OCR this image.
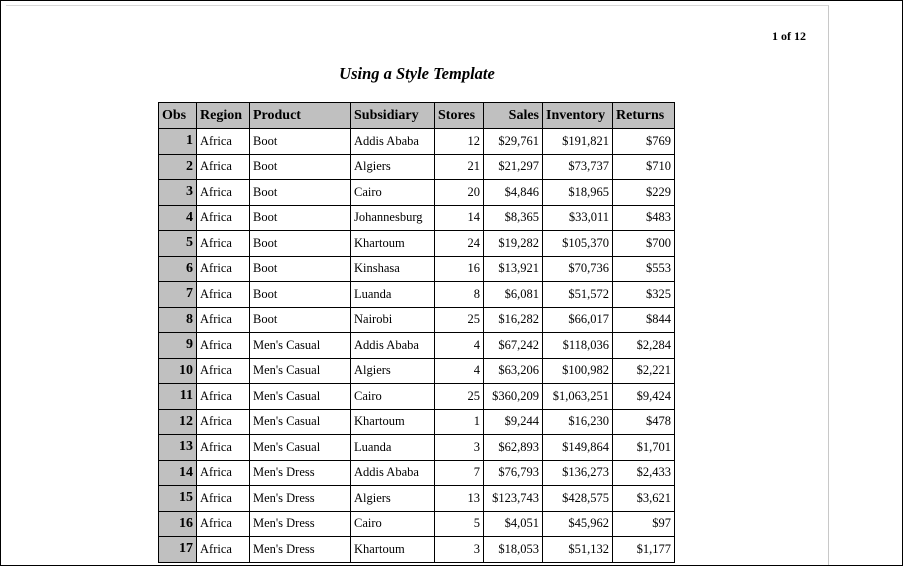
1 of 12
Using a Style Template
Obs	Region	Product	Subsidiary	Stores	Sales	Inventory	Returns
1	Africa	Boot	Addis Ababa	12	$29,761	$191,821	$769
2	Africa	Boot	Algiers	21	$21,297	$73,737	$710
3	Africa	Boot	Cairo	20	$4,846	$18,965	$229
4	Africa	Boot	Johannesburg	14	$8,365	$33,011	$483
5	Africa	Boot	Khartoum	24	$19,282	$105,370	$700
6	Africa	Boot	Kinshasa	16	$13,921	$70,736	$553
7	Africa	Boot	Luanda	8	$6,081	$51,572	$325
8	Africa	Boot	Nairobi	25	$16,282	$66,017	$844
9	Africa	Men's Casual	Addis Ababa	4	$67,242	$118,036	$2,284
10	Africa	Men's Casual	Algiers	4	$63,206	$100,982	$2,221
11	Africa	Men's Casual	Cairo	25	$360,209	$1,063,251	$9,424
12	Africa	Men's Casual	Khartoum	1	$9,244	$16,230	$478
13	Africa	Men's Casual	Luanda	3	$62,893	$149,864	$1,701
14	Africa	Men's Dress	Addis Ababa	7	$76,793	$136,273	$2,433
15	Africa	Men's Dress	Algiers	13	$123,743	$428,575	$3,621
16	Africa	Men's Dress	Cairo	5	$4,051	$45,962	$97
17	Africa	Men's Dress	Khartoum	3	$18,053	$51,132	$1,177
